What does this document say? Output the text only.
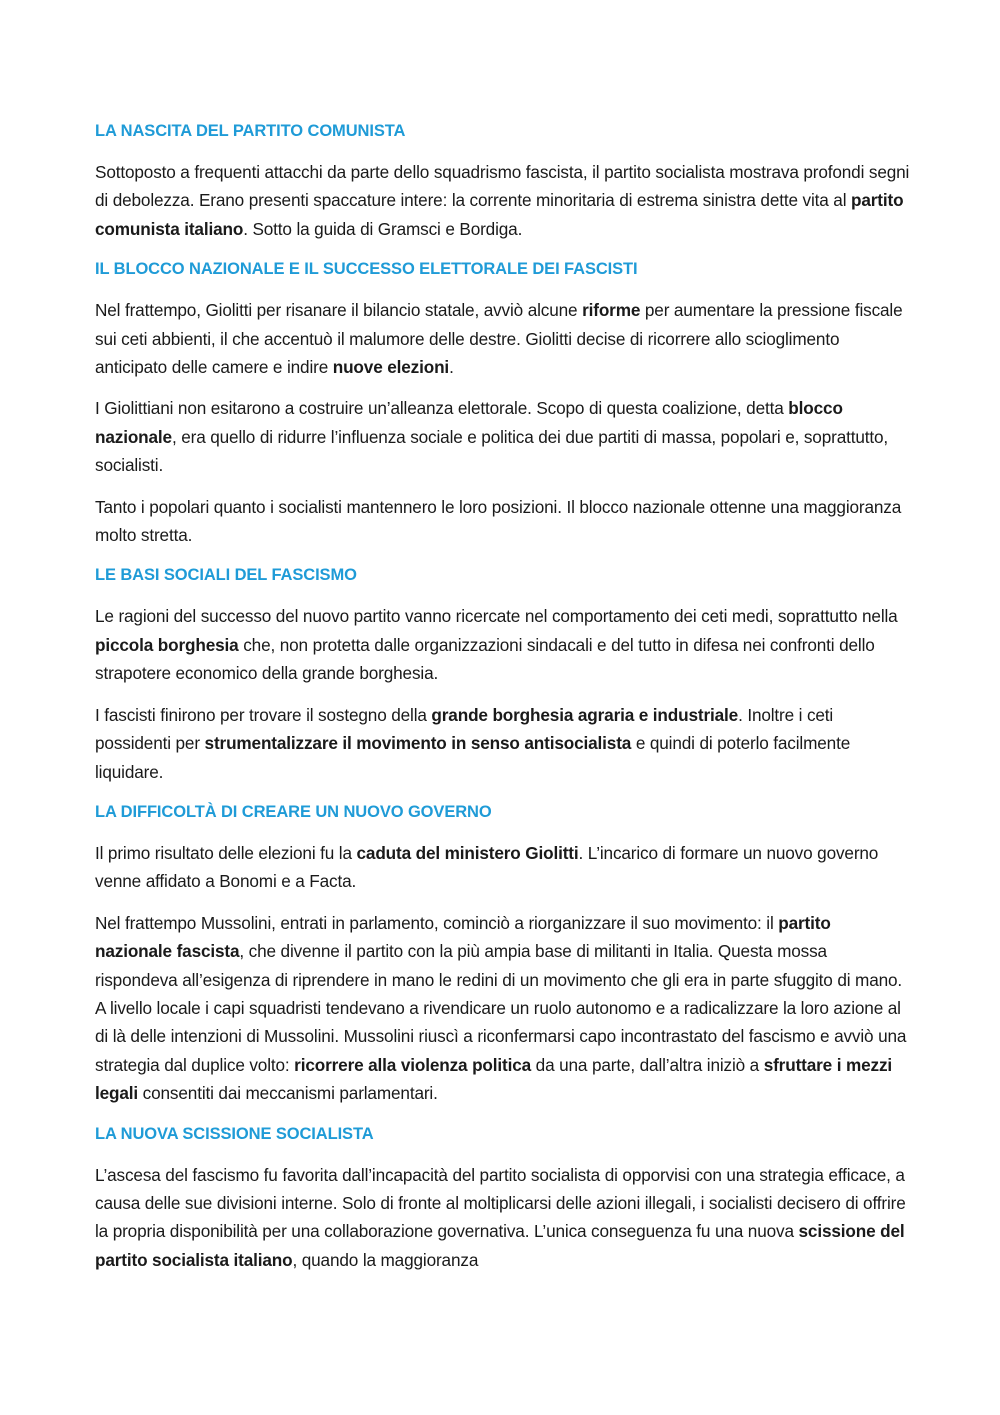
LA NASCITA DEL PARTITO COMUNISTA

Sottoposto a frequenti attacchi da parte dello squadrismo fascista, il partito socialista mostrava profondi segni di debolezza. Erano presenti spaccature intere: la corrente minoritaria di estrema sinistra dette vita al partito comunista italiano. Sotto la guida di Gramsci e Bordiga.

IL BLOCCO NAZIONALE E IL SUCCESSO ELETTORALE DEI FASCISTI

Nel frattempo, Giolitti per risanare il bilancio statale, avviò alcune riforme per aumentare la pressione fiscale sui ceti abbienti, il che accentuò il malumore delle destre. Giolitti decise di ricorrere allo scioglimento anticipato delle camere e indire nuove elezioni.

I Giolittiani non esitarono a costruire un’alleanza elettorale. Scopo di questa coalizione, detta blocco nazionale, era quello di ridurre l’influenza sociale e politica dei due partiti di massa, popolari e, soprattutto, socialisti.

Tanto i popolari quanto i socialisti mantennero le loro posizioni. Il blocco nazionale ottenne una maggioranza molto stretta.

LE BASI SOCIALI DEL FASCISMO

Le ragioni del successo del nuovo partito vanno ricercate nel comportamento dei ceti medi, soprattutto nella piccola borghesia che, non protetta dalle organizzazioni sindacali e del tutto in difesa nei confronti dello strapotere economico della grande borghesia.

I fascisti finirono per trovare il sostegno della grande borghesia agraria e industriale. Inoltre i ceti possidenti per strumentalizzare il movimento in senso antisocialista e quindi di poterlo facilmente liquidare.

LA DIFFICOLTÀ DI CREARE UN NUOVO GOVERNO

Il primo risultato delle elezioni fu la caduta del ministero Giolitti. L’incarico di formare un nuovo governo venne affidato a Bonomi e a Facta.

Nel frattempo Mussolini, entrati in parlamento, cominciò a riorganizzare il suo movimento: il partito nazionale fascista, che divenne il partito con la più ampia base di militanti in Italia. Questa mossa rispondeva all’esigenza di riprendere in mano le redini di un movimento che gli era in parte sfuggito di mano. A livello locale i capi squadristi tendevano a rivendicare un ruolo autonomo e a radicalizzare la loro azione al di là delle intenzioni di Mussolini. Mussolini riuscì a riconfermarsi capo incontrastato del fascismo e avviò una strategia dal duplice volto: ricorrere alla violenza politica da una parte, dall’altra iniziò a sfruttare i mezzi legali consentiti dai meccanismi parlamentari.

LA NUOVA SCISSIONE SOCIALISTA

L’ascesa del fascismo fu favorita dall’incapacità del partito socialista di opporvisi con una strategia efficace, a causa delle sue divisioni interne. Solo di fronte al moltiplicarsi delle azioni illegali, i socialisti decisero di offrire la propria disponibilità per una collaborazione governativa. L’unica conseguenza fu una nuova scissione del partito socialista italiano, quando la maggioranza
